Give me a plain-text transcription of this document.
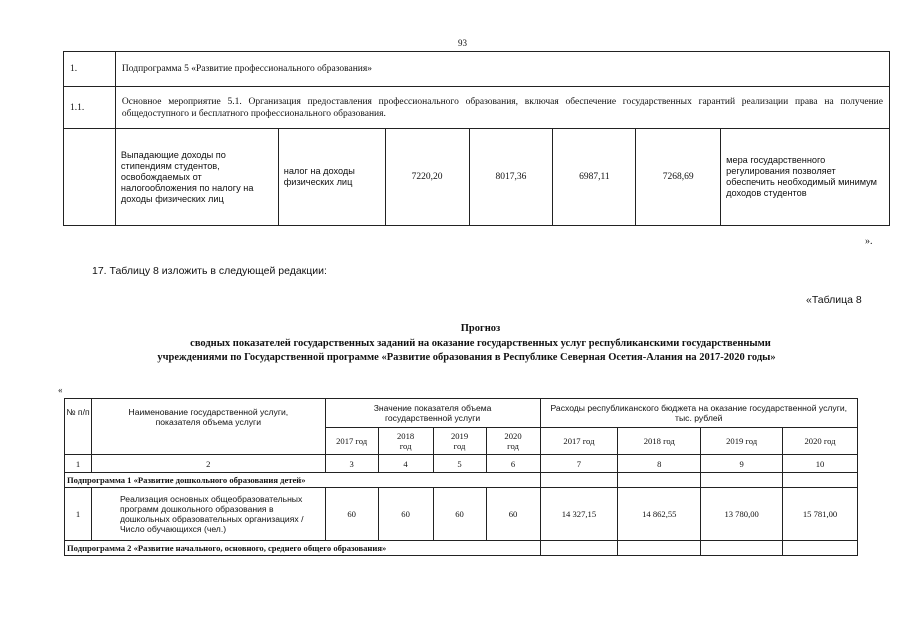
93
1.	Подпрограмма 5 «Развитие профессионального образования»						
1.1.	Основное мероприятие 5.1. Организация предоставления профессионального образования, включая обеспечение государственных гарантий реализации права на получение общедоступного и бесплатного профессионального образования.						
	Выпадающие доходы по стипендиям студентов, освобождаемых от налогообложения по налогу на доходы физических лиц	налог на доходы физических лиц	7220,20	8017,36	6987,11	7268,69	мера государственного регулирования позволяет обеспечить необходимый минимум доходов студентов
».
17. Таблицу 8 изложить в следующей редакции:
«Таблица 8
Прогноз
сводных показателей государственных заданий на оказание государственных услуг республиканскими государственными
учреждениями по Государственной программе «Развитие образования в Республике Северная Осетия-Алания на 2017-2020 годы»
«
№ п/п	Наименование государственной услуги, показателя объема услуги	Значение показателя объема государственной услуги				Расходы республиканского бюджета на оказание государственной услуги, тыс. рублей			
		2017 год	2018 год	2019 год	2020 год	2017 год	2018 год	2019 год	2020 год
1	2	3	4	5	6	7	8	9	10
Подпрограмма 1 «Развитие дошкольного образования детей»									
1	Реализация основных общеобразовательных программ дошкольного образования в дошкольных образовательных организациях / Число обучающихся (чел.)	60	60	60	60	14 327,15	14 862,55	13 780,00	15 781,00
Подпрограмма 2 «Развитие начального, основного, среднего общего образования»									
